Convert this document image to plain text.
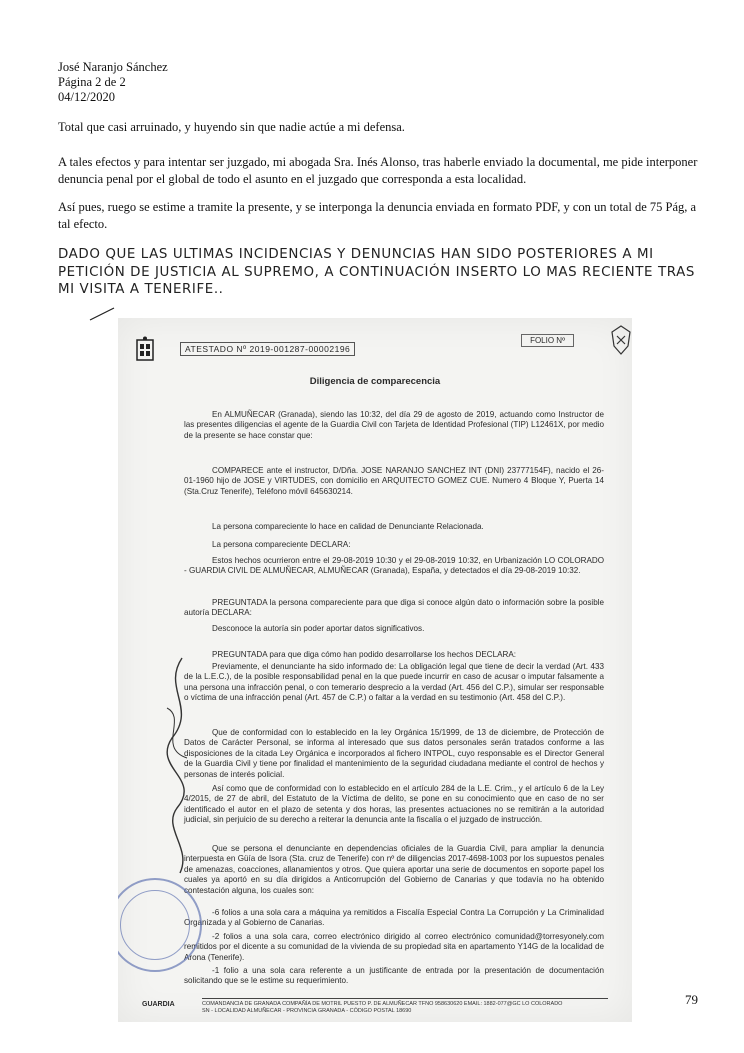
José Naranjo Sánchez
Página 2 de 2
04/12/2020
Total que casi arruinado, y huyendo sin que nadie actúe a mi defensa.
A tales efectos y para intentar ser juzgado, mi abogada Sra. Inés Alonso, tras haberle enviado la documental, me pide interponer denuncia penal por el global de todo el asunto en el juzgado que corresponda a esta localidad.
Así pues, ruego se estime a tramite la presente, y se interponga la denuncia enviada en formato PDF, y con un total de 75 Pág, a tal efecto.
DADO QUE LAS ULTIMAS INCIDENCIAS Y DENUNCIAS HAN SIDO POSTERIORES A MI PETICIÓN DE JUSTICIA AL SUPREMO, A CONTINUACIÓN INSERTO LO MAS RECIENTE TRAS MI VISITA A TENERIFE..
ATESTADO Nº 2019-001287-00002196
FOLIO Nº
Diligencia de comparecencia
En ALMUÑECAR (Granada), siendo las 10:32, del día 29 de agosto de 2019, actuando como Instructor de las presentes diligencias el agente de la Guardia Civil con Tarjeta de Identidad Profesional (TIP) L12461X, por medio de la presente se hace constar que:
COMPARECE ante el instructor, D/Dña. JOSE NARANJO SANCHEZ INT (DNI) 23777154F), nacido el 26-01-1960 hijo de JOSE y VIRTUDES, con domicilio en ARQUITECTO GOMEZ CUE. Numero 4 Bloque Y, Puerta 14 (Sta.Cruz Tenerife), Teléfono móvil 645630214.
La persona compareciente lo hace en calidad de Denunciante Relacionada.
La persona compareciente DECLARA:
Estos hechos ocurrieron entre el 29-08-2019 10:30 y el 29-08-2019 10:32, en Urbanización LO COLORADO - GUARDIA CIVIL DE ALMUÑECAR, ALMUÑECAR (Granada), España, y detectados el día 29-08-2019 10:32.
PREGUNTADA la persona compareciente para que diga si conoce algún dato o información sobre la posible autoría DECLARA:
Desconoce la autoría sin poder aportar datos significativos.
PREGUNTADA para que diga cómo han podido desarrollarse los hechos DECLARA:
Previamente, el denunciante ha sido informado de: La obligación legal que tiene de decir la verdad (Art. 433 de la L.E.C.), de la posible responsabilidad penal en la que puede incurrir en caso de acusar o imputar falsamente a una persona una infracción penal, o con temerario desprecio a la verdad (Art. 456 del C.P.), simular ser responsable o víctima de una infracción penal (Art. 457 de C.P.) o faltar a la verdad en su testimonio (Art. 458 del C.P.).
Que de conformidad con lo establecido en la ley Orgánica 15/1999, de 13 de diciembre, de Protección de Datos de Carácter Personal, se informa al interesado que sus datos personales serán tratados conforme a las disposiciones de la citada Ley Orgánica e incorporados al fichero INTPOL, cuyo responsable es el Director General de la Guardia Civil y tiene por finalidad el mantenimiento de la seguridad ciudadana mediante el control de hechos y personas de interés policial.
Así como que de conformidad con lo establecido en el artículo 284 de la L.E. Crim., y el artículo 6 de la Ley 4/2015, de 27 de abril, del Estatuto de la Víctima de delito, se pone en su conocimiento que en caso de no ser identificado el autor en el plazo de setenta y dos horas, las presentes actuaciones no se remitirán a la autoridad judicial, sin perjuicio de su derecho a reiterar la denuncia ante la fiscalía o el juzgado de instrucción.
Que se persona el denunciante en dependencias oficiales de la Guardia Civil, para ampliar la denuncia interpuesta en Güía de Isora (Sta. cruz de Tenerife) con nº de diligencias 2017-4698-1003 por los supuestos penales de amenazas, coacciones, allanamientos y otros. Que quiera aportar una serie de documentos en soporte papel los cuales ya aportó en su día dirigidos a Anticorrupción del Gobierno de Canarias y que todavía no ha obtenido contestación alguna, los cuales son:
-6 folios a una sola cara a máquina ya remitidos a Fiscalía Especial Contra La Corrupción y La Criminalidad Organizada y al Gobierno de Canarias.
-2 folios a una sola cara, correo electrónico dirigido al correo electrónico comunidad@torresyonely.com remitidos por el dicente a su comunidad de la vivienda de su propiedad sita en apartamento Y14G de la localidad de Arona (Tenerife).
-1 folio a una sola cara referente a un justificante de entrada por la presentación de documentación solicitando que se le estime su requerimiento.
GUARDIA	COMANDANCIA DE GRANADA COMPAÑÍA DE MOTRIL PUESTO P. DE ALMUÑECAR TFNO 958630620 EMAIL: 1882-077@GC LO COLORADO
SN - LOCALIDAD ALMUÑECAR - PROVINCIA GRANADA - CÓDIGO POSTAL 18690
79
